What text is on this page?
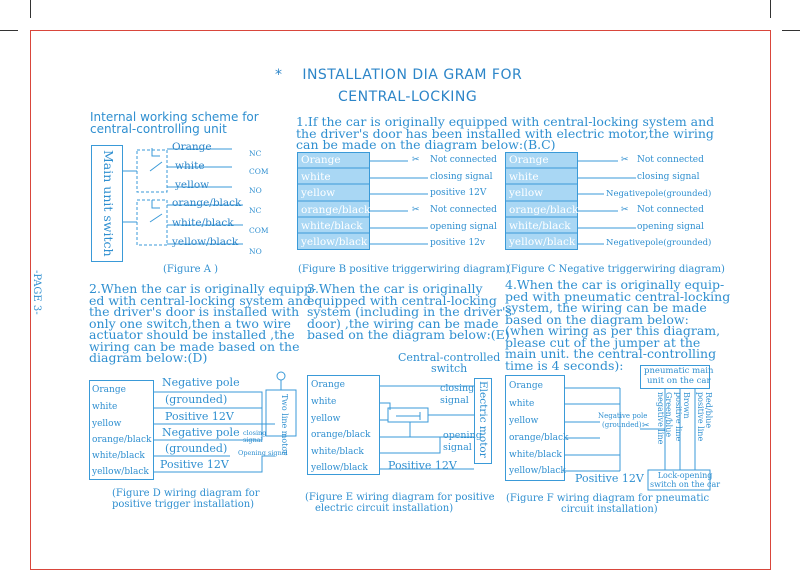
* INSTALLATION DIA GRAM FOR
CENTRAL-LOCKING
-PAGE 3-
Internal working scheme for
central-controlling unit
Main unit switch
Orange
white
yellow
orange/black
white/black
yellow/black
NC
COM
NO
NC
COM
NO
(Figure A )
1.If the car is originally equipped with central-locking system and
the driver's door has been installed with electric motor,the wiring
can be made on the diagram below:(B.C)
Orange
white
yellow
orange/black
white/black
yellow/black
✂
✂
Not connected
closing signal
positive 12V
Not connected
opening signal
positive 12v
(Figure B positive triggerwiring diagram)
Orange
white
yellow
orange/black
white/black
yellow/black
✂
✂
Not connected
closing signal
Negativepole(grounded)
Not connected
opening signal
Negativepole(grounded)
(Figure C Negative triggerwiring diagram)
2.When the car is originally equipp-
ed with central-locking system and
the driver's door is installed with
only one switch,then a two wire
actuator should be installed ,the
wiring can be made based on the
diagram below:(D)
3.When the car is originally
equipped with central-locking
system (including in the driver's
door) ,the wiring can be made
based on the diagram below:(E)
4.When the car is originally equip-
ped with pneumatic central-locking
system, the wiring can be made
based on the diagram below:
(when wiring as per this diagram,
please cut of the jumper at the
main unit. the central-controlling
time is 4 seconds):
Orange
white
yellow
orange/black
white/black
yellow/black
Negative pole
(grounded)
Positive 12V
Negative pole
(grounded)
Positive 12V
closing signal
Opening signal
Two line motor
(Figure D wiring diagram for
positive trigger installation)
Orange
white
yellow
orange/black
white/black
yellow/black
Central-controlled
switch
Electric motor
closing signal
opening signal
Positive 12V
(Figure E wiring diagram for positive
electric circuit installation)
Orange
white
yellow
orange/black
white/black
yellow/black
pneumatic main
unit on the car
Negative pole
(grounded) ✂ Green/blue
negative line Brown
positive line	Red/blue
positive line
Lock-opening
switch on the car
Positive 12V
(Figure F wiring diagram for pneumatic
circuit installation)
